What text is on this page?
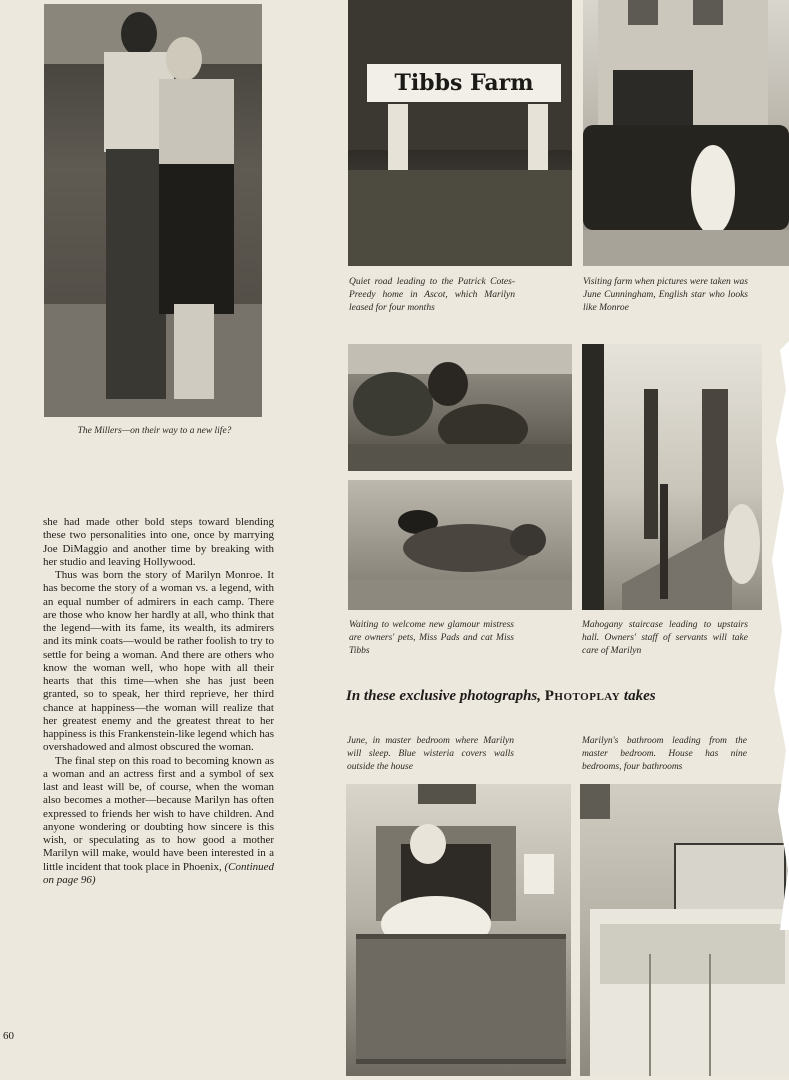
The Millers—on their way to a new life?

Tibbs Farm

Quiet road leading to the Patrick Cotes-Preedy home in Ascot, which Marilyn leased for four months

Visiting farm when pictures were taken was June Cunningham, English star who looks like Monroe

Waiting to welcome new glamour mistress are owners' pets, Miss Pads and cat Miss Tibbs

Mahogany staircase leading to upstairs hall. Owners' staff of servants will take care of Marilyn

In these exclusive photographs, Photoplay takes

June, in master bedroom where Marilyn will sleep. Blue wisteria covers walls outside the house

Marilyn's bathroom leading from the master bedroom. House has nine bedrooms, four bathrooms

she had made other bold steps toward blending these two personalities into one, once by marrying Joe DiMaggio and another time by breaking with her studio and leaving Hollywood.

Thus was born the story of Marilyn Monroe. It has become the story of a woman vs. a legend, with an equal number of admirers in each camp. There are those who know her hardly at all, who think that the legend—with its fame, its wealth, its admirers and its mink coats—would be rather foolish to try to settle for being a woman. And there are others who know the woman well, who hope with all their hearts that this time—when she has just been granted, so to speak, her third reprieve, her third chance at happiness—the woman will realize that her greatest enemy and the greatest threat to her happiness is this Frankenstein-like legend which has overshadowed and almost obscured the woman.

The final step on this road to becoming known as a woman and an actress first and a symbol of sex last and least will be, of course, when the woman also becomes a mother—because Marilyn has often expressed to friends her wish to have children. And anyone wondering or doubting how sincere is this wish, or speculating as to how good a mother Marilyn will make, would have been interested in a little incident that took place in Phoenix, (Continued on page 96)

60
